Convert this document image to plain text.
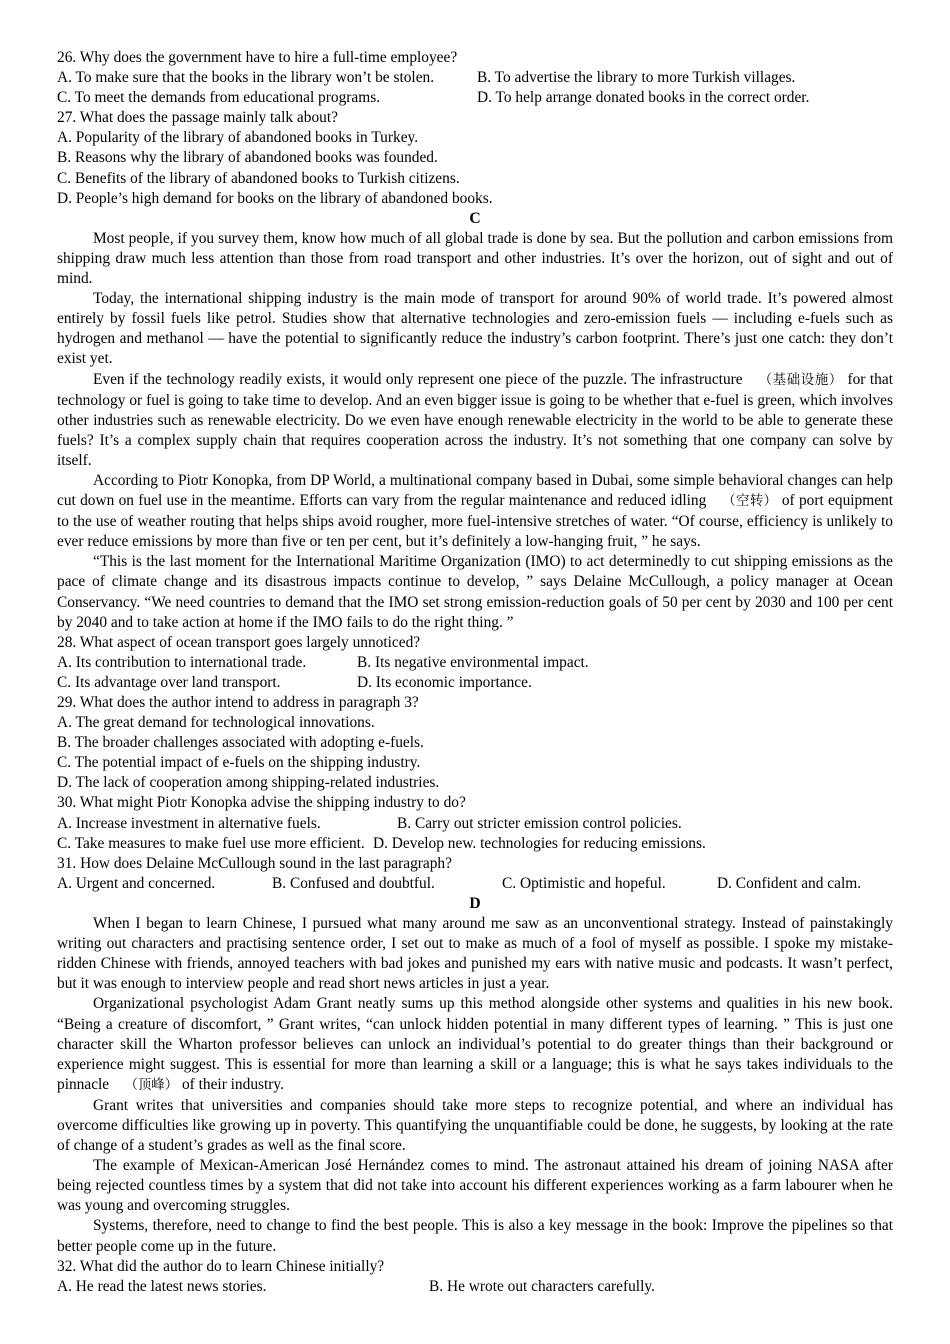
26. Why does the government have to hire a full-time employee?
A. To make sure that the books in the library won’t be stolen.	B. To advertise the library to more Turkish villages.
C. To meet the demands from educational programs.	D. To help arrange donated books in the correct order.
27. What does the passage mainly talk about?
A. Popularity of the library of abandoned books in Turkey.
B. Reasons why the library of abandoned books was founded.
C. Benefits of the library of abandoned books to Turkish citizens.
D. People’s high demand for books on the library of abandoned books.
C

Most people, if you survey them, know how much of all global trade is done by sea. But the pollution and carbon emissions from shipping draw much less attention than those from road transport and other industries. It’s over the horizon, out of sight and out of mind.

Today, the international shipping industry is the main mode of transport for around 90% of world trade. It’s powered almost entirely by fossil fuels like petrol. Studies show that alternative technologies and zero-emission fuels — including e-fuels such as hydrogen and methanol — have the potential to significantly reduce the industry’s carbon footprint. There’s just one catch: they don’t exist yet.

Even if the technology readily exists, it would only represent one piece of the puzzle. The infrastructure （基础设施） for that technology or fuel is going to take time to develop. And an even bigger issue is going to be whether that e-fuel is green, which involves other industries such as renewable electricity. Do we even have enough renewable electricity in the world to be able to generate these fuels? It’s a complex supply chain that requires cooperation across the industry. It’s not something that one company can solve by itself.

According to Piotr Konopka, from DP World, a multinational company based in Dubai, some simple behavioral changes can help cut down on fuel use in the meantime. Efforts can vary from the regular maintenance and reduced idling （空转） of port equipment to the use of weather routing that helps ships avoid rougher, more fuel-intensive stretches of water. “Of course, efficiency is unlikely to ever reduce emissions by more than five or ten per cent, but it’s definitely a low-hanging fruit, ” he says.

“This is the last moment for the International Maritime Organization (IMO) to act determinedly to cut shipping emissions as the pace of climate change and its disastrous impacts continue to develop, ” says Delaine McCullough, a policy manager at Ocean Conservancy. “We need countries to demand that the IMO set strong emission-reduction goals of 50 per cent by 2030 and 100 per cent by 2040 and to take action at home if the IMO fails to do the right thing. ”

28. What aspect of ocean transport goes largely unnoticed?
A. Its contribution to international trade.	B. Its negative environmental impact.
C. Its advantage over land transport.	D. Its economic importance.
29. What does the author intend to address in paragraph 3?
A. The great demand for technological innovations.
B. The broader challenges associated with adopting e-fuels.
C. The potential impact of e-fuels on the shipping industry.
D. The lack of cooperation among shipping-related industries.
30. What might Piotr Konopka advise the shipping industry to do?
A. Increase investment in alternative fuels.	B. Carry out stricter emission control policies.
C. Take measures to make fuel use more efficient. D. Develop new. technologies for reducing emissions.
31. How does Delaine McCullough sound in the last paragraph?
A. Urgent and concerned.	B. Confused and doubtful.	C. Optimistic and hopeful.	D. Confident and calm.
D

When I began to learn Chinese, I pursued what many around me saw as an unconventional strategy. Instead of painstakingly writing out characters and practising sentence order, I set out to make as much of a fool of myself as possible. I spoke my mistake-ridden Chinese with friends, annoyed teachers with bad jokes and punished my ears with native music and podcasts. It wasn’t perfect, but it was enough to interview people and read short news articles in just a year.

Organizational psychologist Adam Grant neatly sums up this method alongside other systems and qualities in his new book. “Being a creature of discomfort, ” Grant writes, “can unlock hidden potential in many different types of learning. ” This is just one character skill the Wharton professor believes can unlock an individual’s potential to do greater things than their background or experience might suggest. This is essential for more than learning a skill or a language; this is what he says takes individuals to the pinnacle （顶峰） of their industry.

Grant writes that universities and companies should take more steps to recognize potential, and where an individual has overcome difficulties like growing up in poverty. This quantifying the unquantifiable could be done, he suggests, by looking at the rate of change of a student’s grades as well as the final score.

The example of Mexican-American José Hernández comes to mind. The astronaut attained his dream of joining NASA after being rejected countless times by a system that did not take into account his different experiences working as a farm labourer when he was young and overcoming struggles.

Systems, therefore, need to change to find the best people. This is also a key message in the book: Improve the pipelines so that better people come up in the future.

32. What did the author do to learn Chinese initially?
A. He read the latest news stories.	B. He wrote out characters carefully.
